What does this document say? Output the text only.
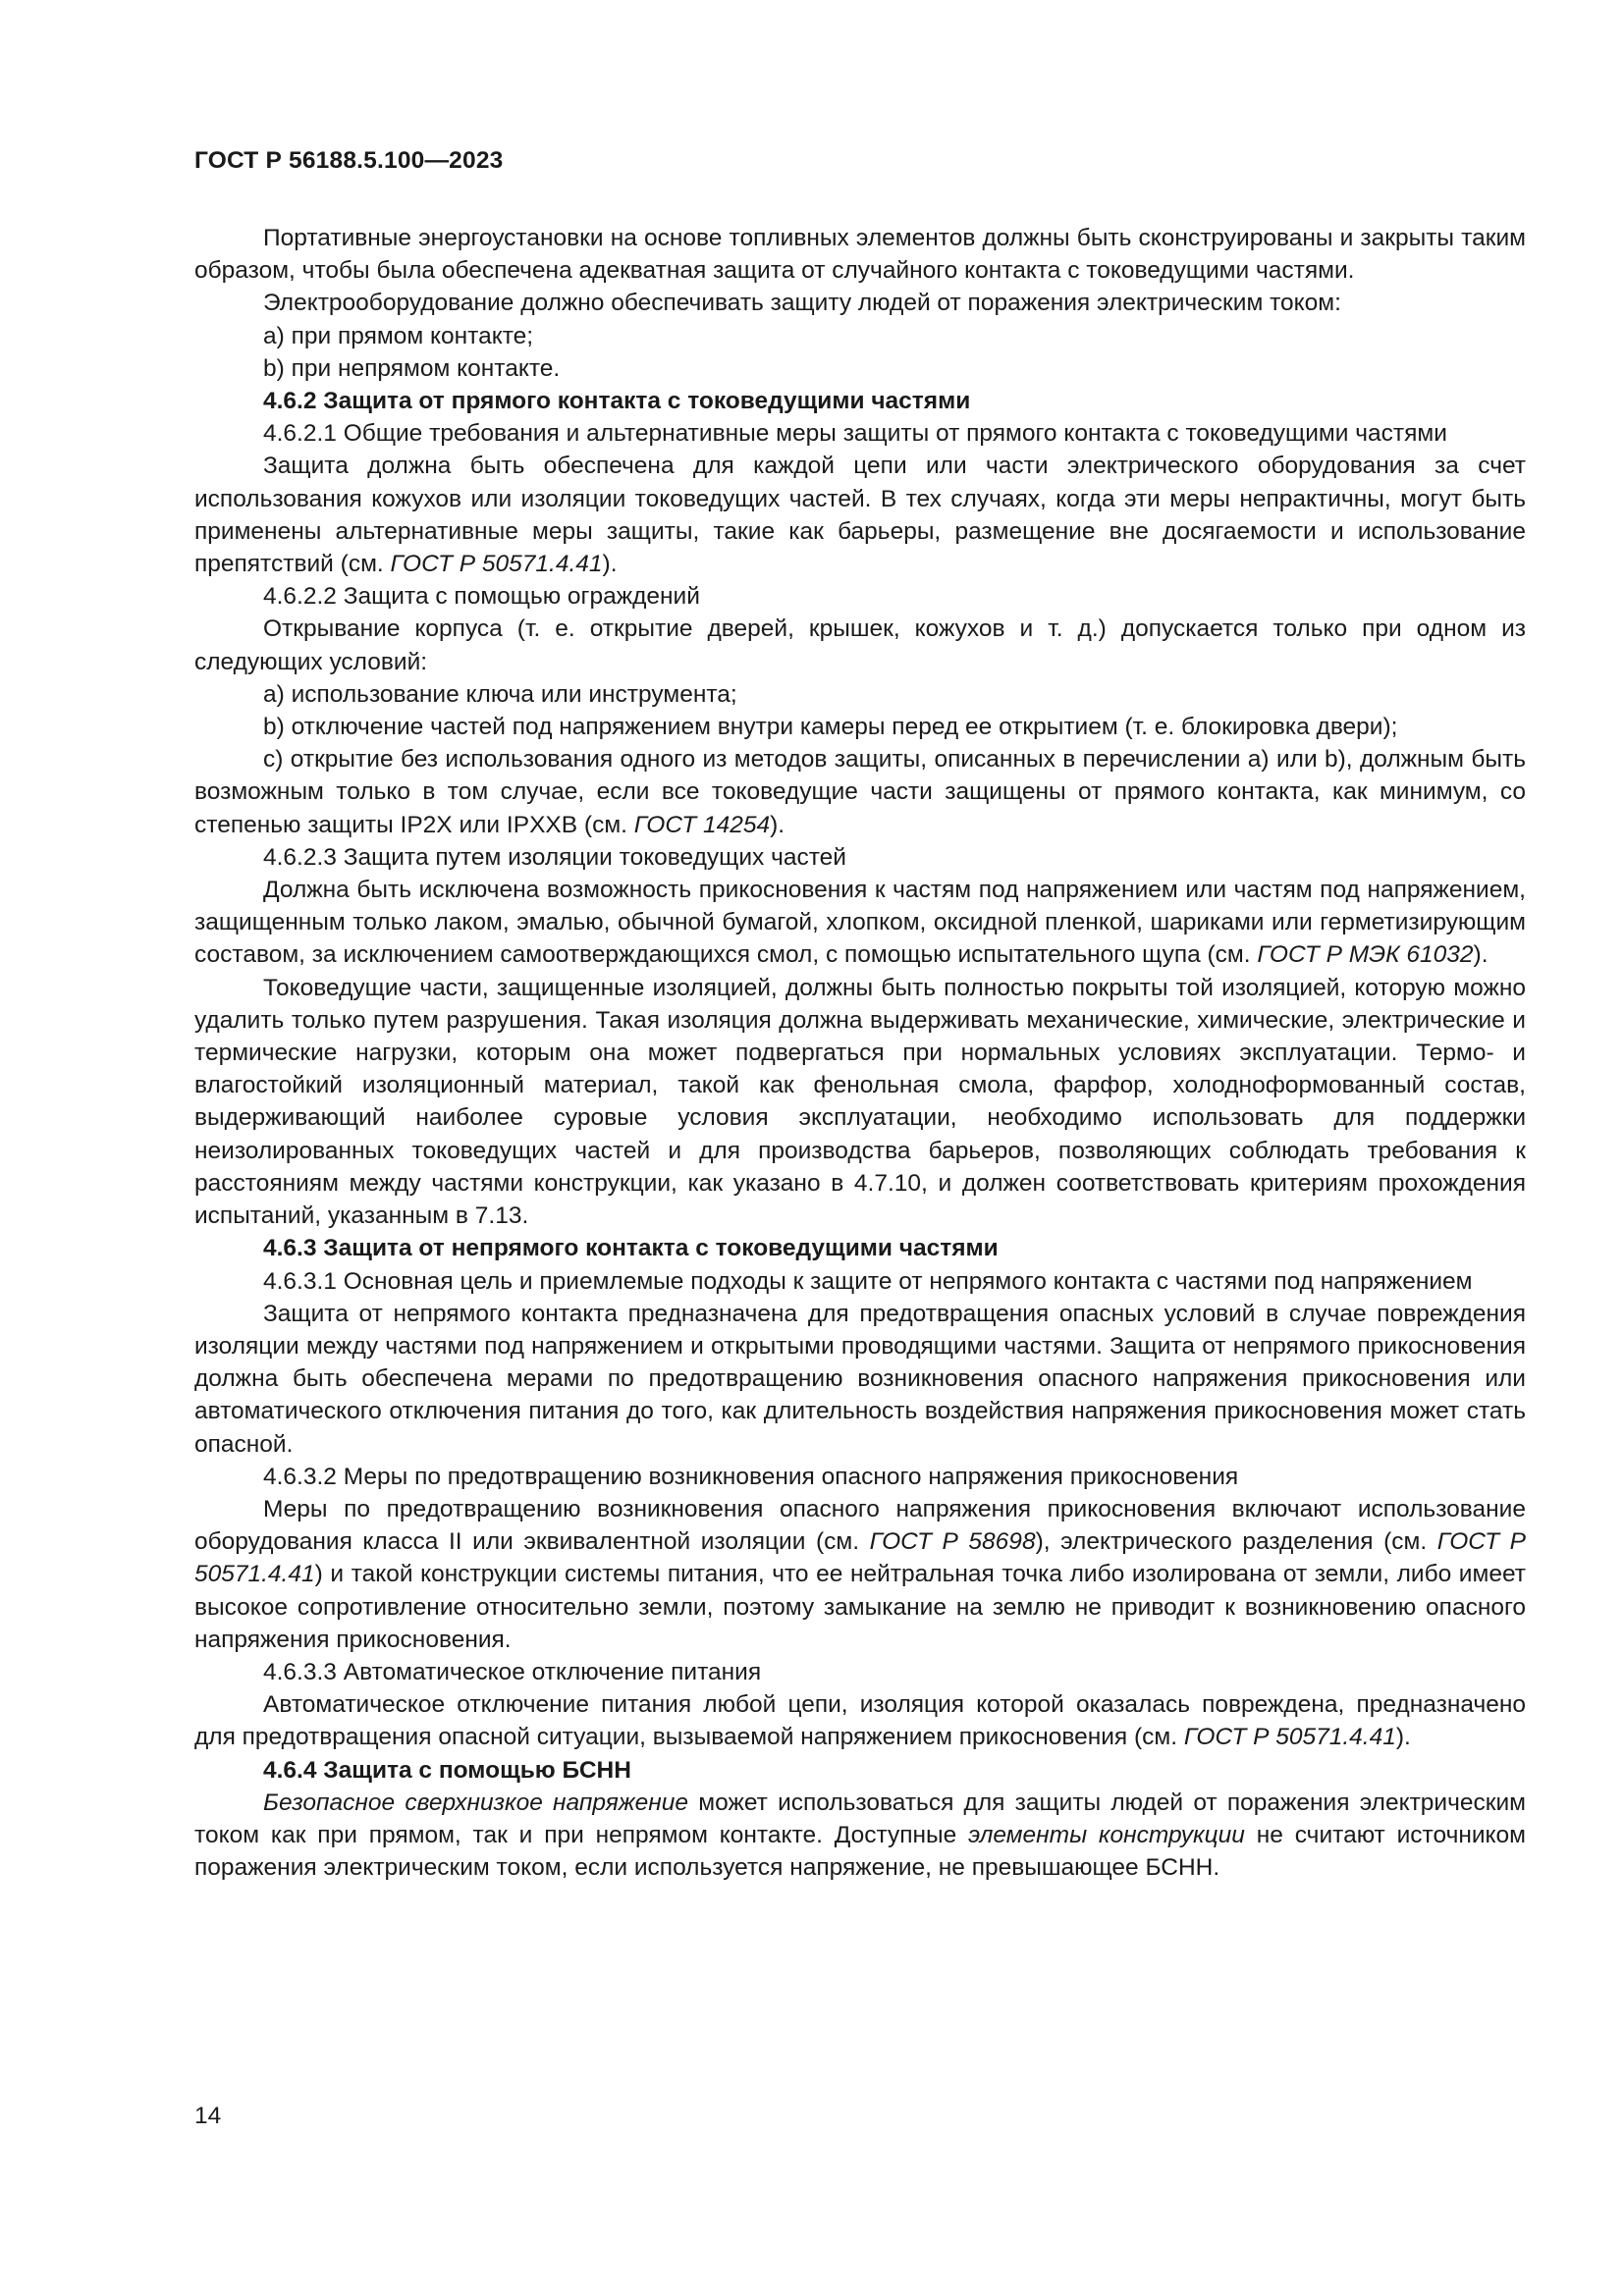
ГОСТ Р 56188.5.100—2023

Портативные энергоустановки на основе топливных элементов должны быть сконструированы и закрыты таким образом, чтобы была обеспечена адекватная защита от случайного контакта с токоведущими частями.

Электрооборудование должно обеспечивать защиту людей от поражения электрическим током:

a) при прямом контакте;

b) при непрямом контакте.

4.6.2 Защита от прямого контакта с токоведущими частями

4.6.2.1 Общие требования и альтернативные меры защиты от прямого контакта с токоведущими частями

Защита должна быть обеспечена для каждой цепи или части электрического оборудования за счет использования кожухов или изоляции токоведущих частей. В тех случаях, когда эти меры непрактичны, могут быть применены альтернативные меры защиты, такие как барьеры, размещение вне досягаемости и использование препятствий (см. ГОСТ Р 50571.4.41).

4.6.2.2 Защита с помощью ограждений

Открывание корпуса (т. е. открытие дверей, крышек, кожухов и т. д.) допускается только при одном из следующих условий:

a) использование ключа или инструмента;

b) отключение частей под напряжением внутри камеры перед ее открытием (т. е. блокировка двери);

c) открытие без использования одного из методов защиты, описанных в перечислении a) или b), должным быть возможным только в том случае, если все токоведущие части защищены от прямого контакта, как минимум, со степенью защиты IP2X или IPXXB (см. ГОСТ 14254).

4.6.2.3 Защита путем изоляции токоведущих частей

Должна быть исключена возможность прикосновения к частям под напряжением или частям под напряжением, защищенным только лаком, эмалью, обычной бумагой, хлопком, оксидной пленкой, шариками или герметизирующим составом, за исключением самоотверждающихся смол, с помощью испытательного щупа (см. ГОСТ Р МЭК 61032).

Токоведущие части, защищенные изоляцией, должны быть полностью покрыты той изоляцией, которую можно удалить только путем разрушения. Такая изоляция должна выдерживать механические, химические, электрические и термические нагрузки, которым она может подвергаться при нормальных условиях эксплуатации. Термо- и влагостойкий изоляционный материал, такой как фенольная смола, фарфор, холодноформованный состав, выдерживающий наиболее суровые условия эксплуатации, необходимо использовать для поддержки неизолированных токоведущих частей и для производства барьеров, позволяющих соблюдать требования к расстояниям между частями конструкции, как указано в 4.7.10, и должен соответствовать критериям прохождения испытаний, указанным в 7.13.

4.6.3 Защита от непрямого контакта с токоведущими частями

4.6.3.1 Основная цель и приемлемые подходы к защите от непрямого контакта с частями под напряжением

Защита от непрямого контакта предназначена для предотвращения опасных условий в случае повреждения изоляции между частями под напряжением и открытыми проводящими частями. Защита от непрямого прикосновения должна быть обеспечена мерами по предотвращению возникновения опасного напряжения прикосновения или автоматического отключения питания до того, как длительность воздействия напряжения прикосновения может стать опасной.

4.6.3.2 Меры по предотвращению возникновения опасного напряжения прикосновения

Меры по предотвращению возникновения опасного напряжения прикосновения включают использование оборудования класса II или эквивалентной изоляции (см. ГОСТ Р 58698), электрического разделения (см. ГОСТ Р 50571.4.41) и такой конструкции системы питания, что ее нейтральная точка либо изолирована от земли, либо имеет высокое сопротивление относительно земли, поэтому замыкание на землю не приводит к возникновению опасного напряжения прикосновения.

4.6.3.3 Автоматическое отключение питания

Автоматическое отключение питания любой цепи, изоляция которой оказалась повреждена, предназначено для предотвращения опасной ситуации, вызываемой напряжением прикосновения (см. ГОСТ Р 50571.4.41).

4.6.4 Защита с помощью БСНН

Безопасное сверхнизкое напряжение может использоваться для защиты людей от поражения электрическим током как при прямом, так и при непрямом контакте. Доступные элементы конструкции не считают источником поражения электрическим током, если используется напряжение, не превышающее БСНН.

14
